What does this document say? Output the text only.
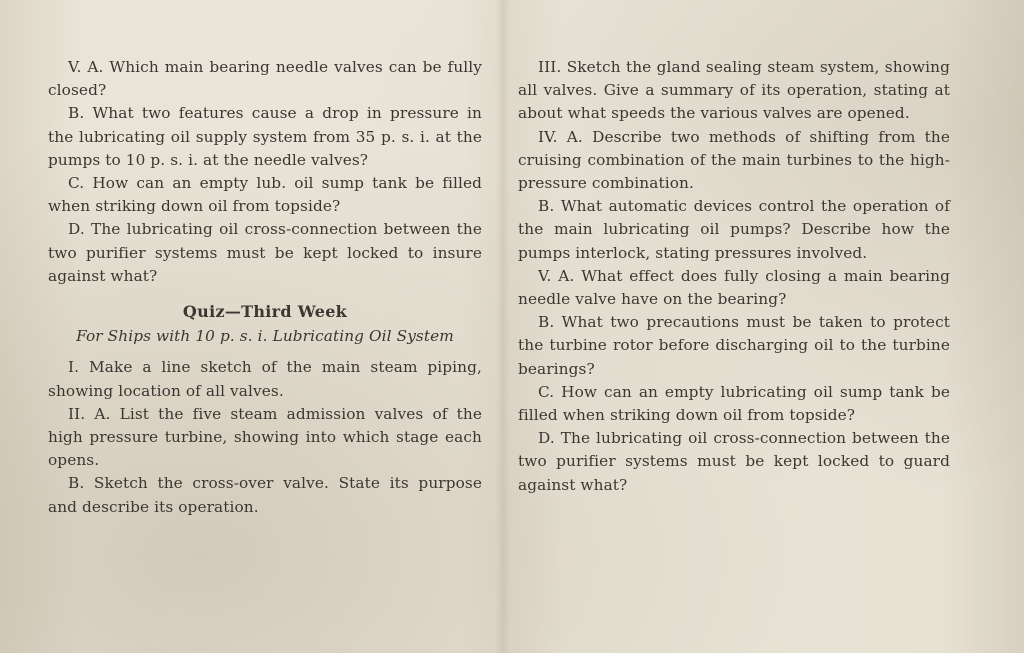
V. A. Which main bearing needle valves can be fully closed?

B. What two features cause a drop in pressure in the lubricating oil supply system from 35 p. s. i. at the pumps to 10 p. s. i. at the needle valves?

C. How can an empty lub. oil sump tank be filled when striking down oil from topside?

D. The lubricating oil cross-connection between the two purifier systems must be kept locked to insure against what?

Quiz—Third Week

For Ships with 10 p. s. i. Lubricating Oil System

I. Make a line sketch of the main steam piping, showing location of all valves.

II. A. List the five steam admission valves of the high pressure turbine, showing into which stage each opens.

B. Sketch the cross-over valve. State its purpose and describe its operation.

III. Sketch the gland sealing steam system, showing all valves. Give a summary of its operation, stating at about what speeds the various valves are opened.

IV. A. Describe two methods of shifting from the cruising combination of the main turbines to the high-pressure combination.

B. What automatic devices control the operation of the main lubricating oil pumps? Describe how the pumps interlock, stating pressures involved.

V. A. What effect does fully closing a main bearing needle valve have on the bearing?

B. What two precautions must be taken to protect the turbine rotor before discharging oil to the turbine bearings?

C. How can an empty lubricating oil sump tank be filled when striking down oil from topside?

D. The lubricating oil cross-connection between the two purifier systems must be kept locked to guard against what?
